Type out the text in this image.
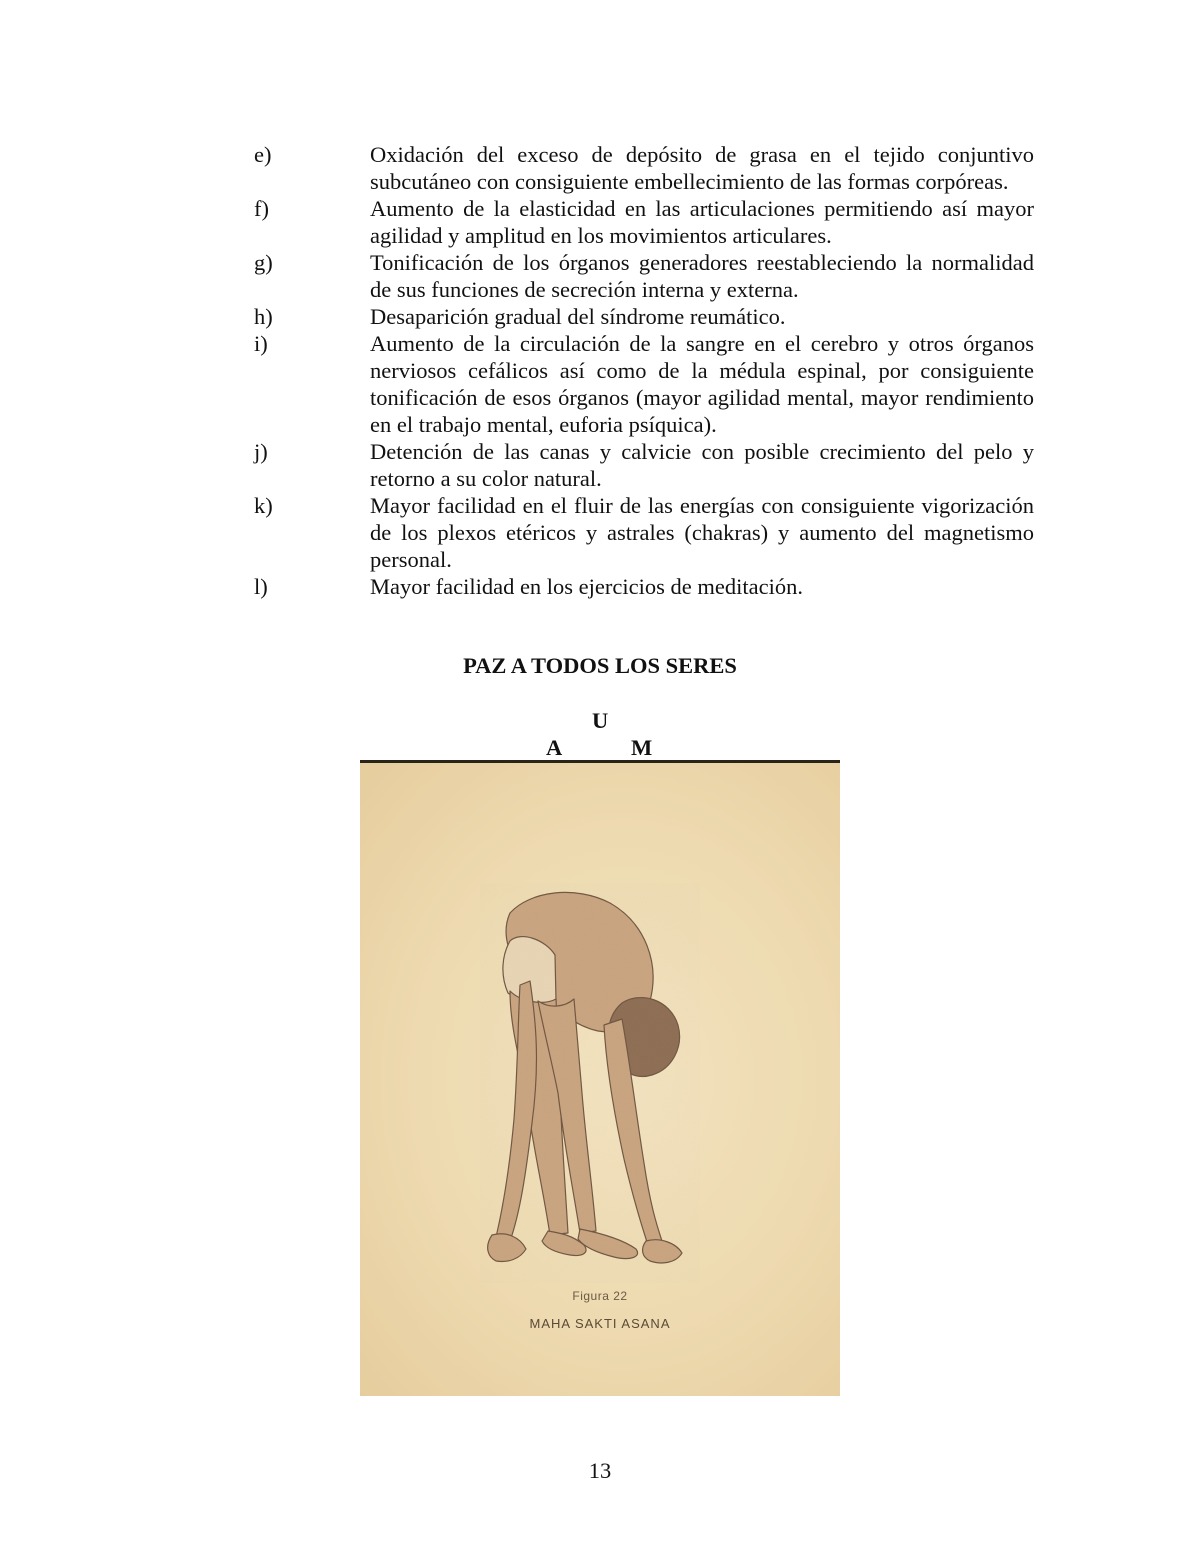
e)	Oxidación del exceso de depósito de grasa en el tejido conjuntivo subcutáneo con consiguiente embellecimiento de las formas corpóreas.
f)	Aumento de la elasticidad en las articulaciones permitiendo así mayor agilidad y amplitud en los movimientos articulares.
g)	Tonificación de los órganos generadores reestableciendo la normalidad de sus funciones de secreción interna y externa.
h)	Desaparición gradual del síndrome reumático.
i)	Aumento de la circulación de la sangre en el cerebro y otros órganos nerviosos cefálicos así como de la médula espinal, por consiguiente tonificación de esos órganos (mayor agilidad mental, mayor rendimiento en el trabajo mental, euforia psíquica).
j)	Detención de las canas y calvicie con posible crecimiento del pelo y retorno a su color natural.
k)	Mayor facilidad en el fluir de las energías con consiguiente vigorización de los plexos etéricos y astrales (chakras) y aumento del magnetismo personal.
l)	Mayor facilidad en los ejercicios de meditación.
PAZ A TODOS LOS SERES
U
A	M
Figura 22
MAHA SAKTI ASANA
13
